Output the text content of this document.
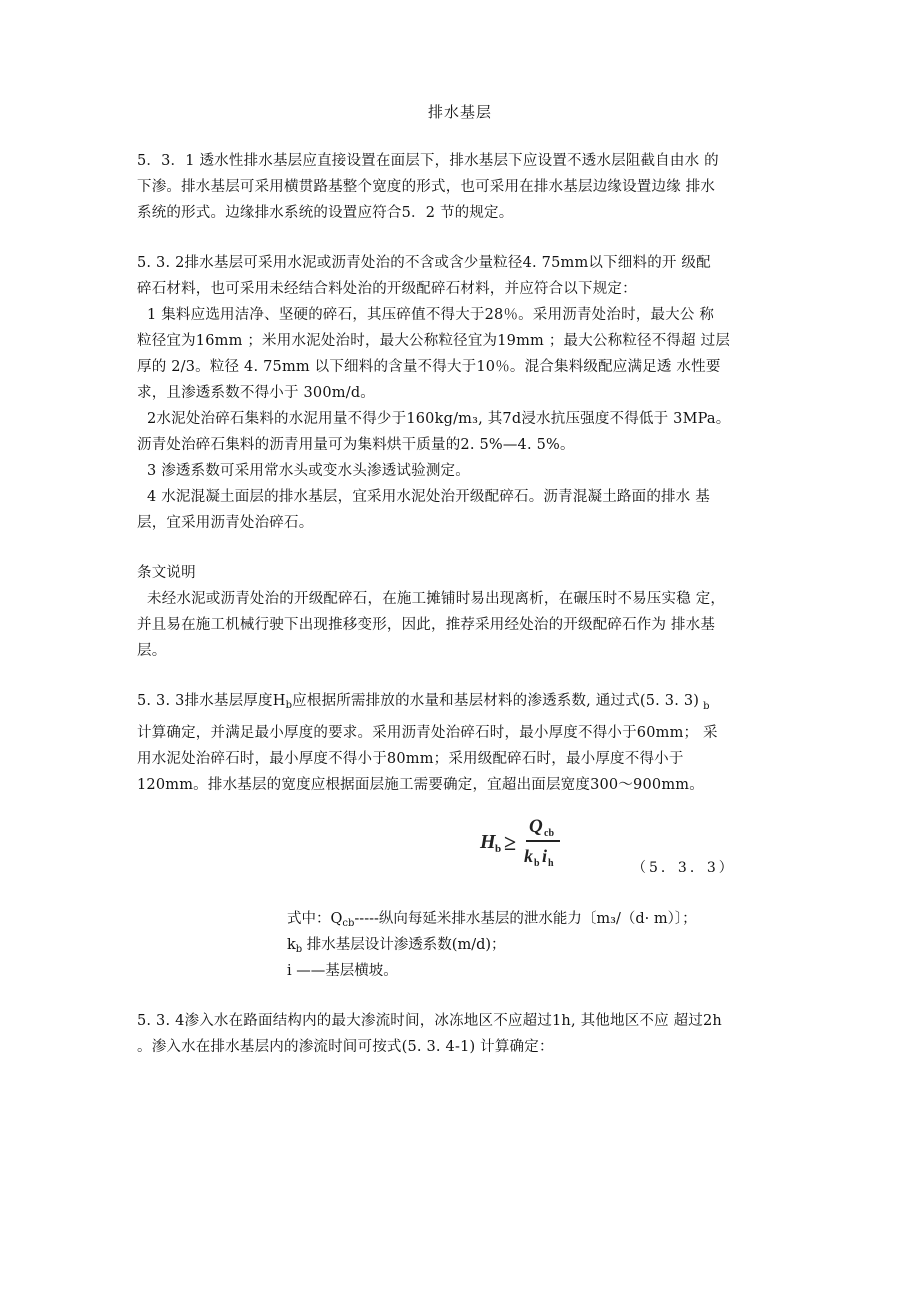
排水基层
5．3．1 透水性排水基层应直接设置在面层下，排水基层下应设置不透水层阻截自由水 的
下渗。排水基层可采用横贯路基整个宽度的形式，也可采用在排水基层边缘设置边缘 排水
系统的形式。边缘排水系统的设置应符合5．2 节的规定。
5. 3. 2排水基层可采用水泥或沥青处治的不含或含少量粒径4. 75mm以下细料的开 级配
碎石材料，也可采用未经结合料处治的开级配碎石材料，并应符合以下规定：
1 集料应选用洁净、坚硬的碎石，其压碎值不得大于28％。采用沥青处治时，最大公 称
粒径宜为16mm ；米用水泥处治时，最大公称粒径宜为19mm ；最大公称粒径不得超 过层
厚的 2/3。粒径 4. 75mm 以下细料的含量不得大于10％。混合集料级配应满足透 水性要
求，且渗透系数不得小于 300m/d。
2水泥处治碎石集料的水泥用量不得少于160kg/m₃, 其7d浸水抗压强度不得低于 3MPa。
沥青处治碎石集料的沥青用量可为集料烘干质量的2. 5%—4. 5%。
3 渗透系数可采用常水头或变水头渗透试验测定。
4 水泥混凝土面层的排水基层，宜采用水泥处治开级配碎石。沥青混凝土路面的排水 基
层，宜采用沥青处治碎石。
条文说明
未经水泥或沥青处治的开级配碎石，在施工摊铺时易出现离析，在碾压时不易压实稳 定，
并且易在施工机械行驶下出现推移变形，因此，推荐采用经处治的开级配碎石作为 排水基
层。
5. 3. 3排水基层厚度$H_b$应根据所需排放的水量和基层材料的渗透系数, 通过式(5. 3. 3) $_b$
计算确定，并满足最小厚度的要求。采用沥青处治碎石时，最小厚度不得小于60mm； 采
用水泥处治碎石时，最小厚度不得小于80mm；采用级配碎石时，最小厚度不得小于
120mm。排水基层的宽度应根据面层施工需要确定，宜超出面层宽度300〜900mm。
H b ≥
Q cb
k b i h	（5．3．3）
式中：$Q_{cb}-----$纵向每延米排水基层的泄水能力〔m₃/（d· m）〕；
$k_b$ 排水基层设计渗透系数(m/d)；
i ——基层横坡。
5. 3. 4渗入水在路面结构内的最大渗流时间，冰冻地区不应超过1h, 其他地区不应 超过2h
。渗入水在排水基层内的渗流时间可按式(5. 3. 4-1) 计算确定：
